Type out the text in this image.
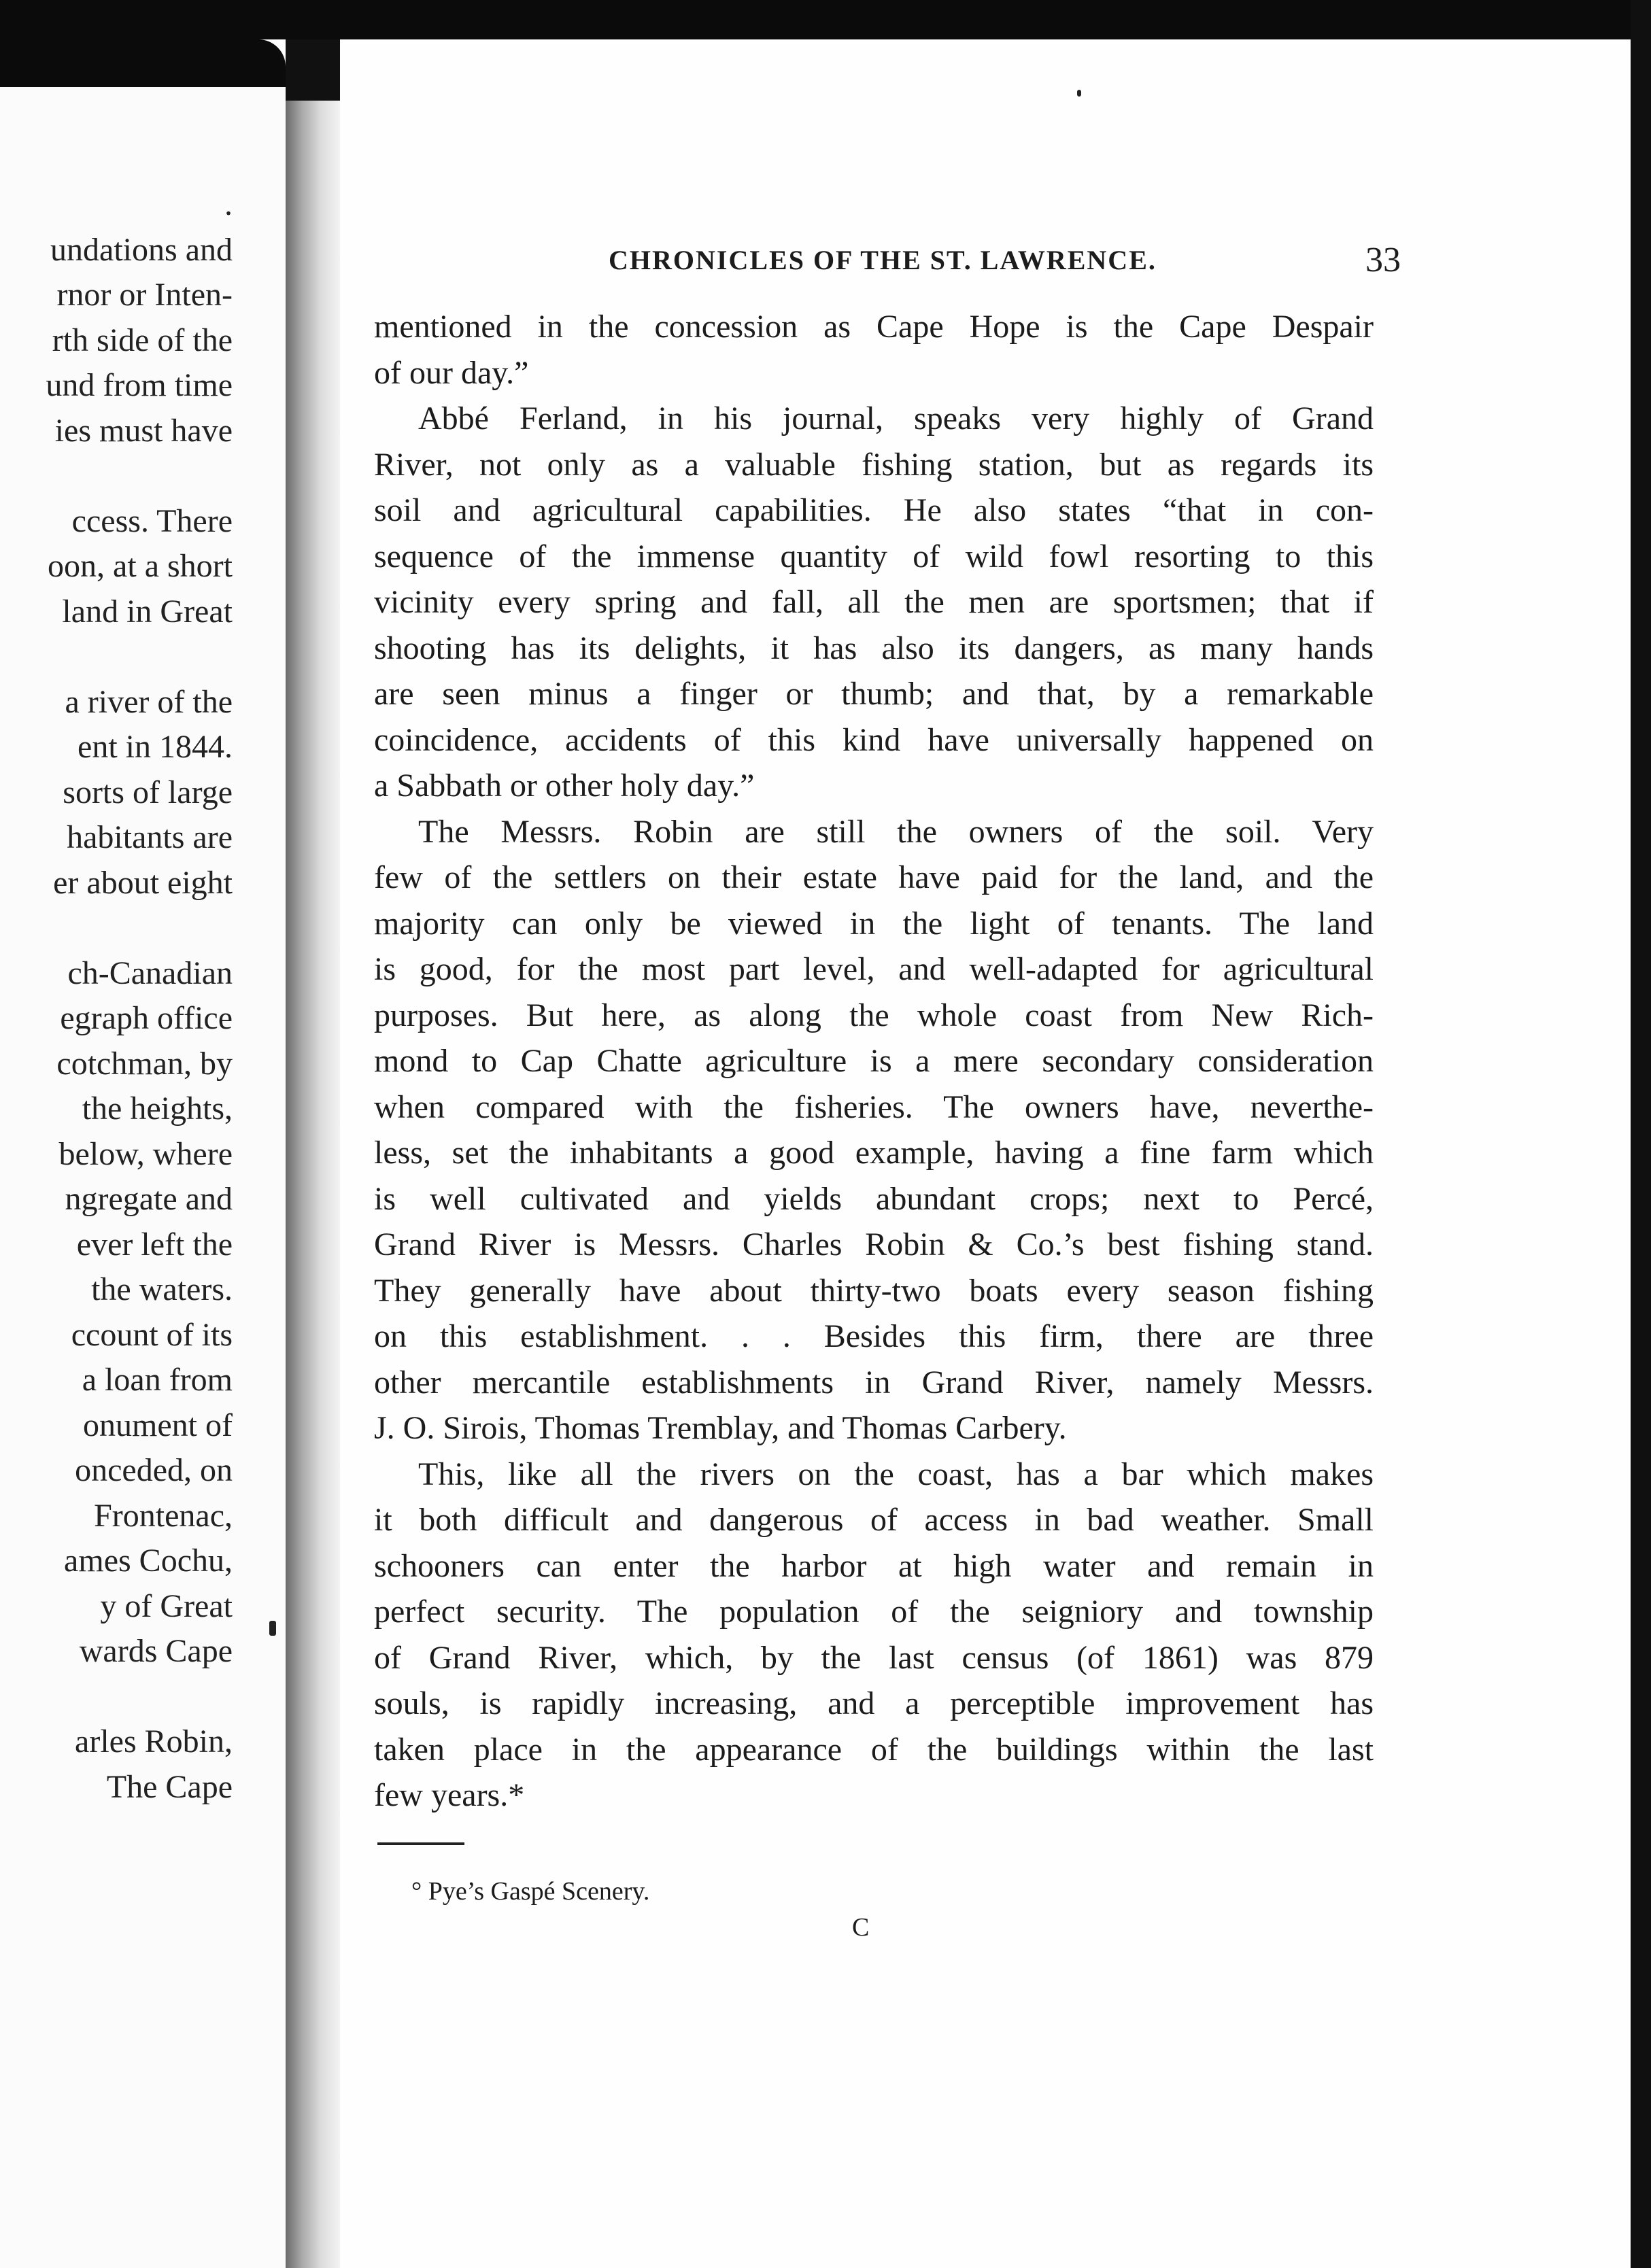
.
undations and
rnor or Inten-
rth side of the
und from time
ies must have
ccess. There
oon, at a short
land in Great
a river of the
ent in 1844.
sorts of large
habitants are
er about eight
ch-Canadian
egraph office
cotchman, by
the heights,
below, where
ngregate and
ever left the
the waters.
ccount of its
a loan from
onument of
onceded, on
Frontenac,
ames Cochu,
y of Great
wards Cape
arles Robin,
The Cape
CHRONICLES OF THE ST. LAWRENCE.	33
mentioned in the concession as Cape Hope is the Cape Despair
of our day.”
Abbé Ferland, in his journal, speaks very highly of Grand
River, not only as a valuable fishing station, but as regards its
soil and agricultural capabilities. He also states “that in con-
sequence of the immense quantity of wild fowl resorting to this
vicinity every spring and fall, all the men are sportsmen; that if
shooting has its delights, it has also its dangers, as many hands
are seen minus a finger or thumb; and that, by a remarkable
coincidence, accidents of this kind have universally happened on
a Sabbath or other holy day.”
The Messrs. Robin are still the owners of the soil. Very
few of the settlers on their estate have paid for the land, and the
majority can only be viewed in the light of tenants. The land
is good, for the most part level, and well-adapted for agricultural
purposes. But here, as along the whole coast from New Rich-
mond to Cap Chatte agriculture is a mere secondary consideration
when compared with the fisheries. The owners have, neverthe-
less, set the inhabitants a good example, having a fine farm which
is well cultivated and yields abundant crops; next to Percé,
Grand River is Messrs. Charles Robin & Co.’s best fishing stand.
They generally have about thirty-two boats every season fishing
on this establishment. . . Besides this firm, there are three
other mercantile establishments in Grand River, namely Messrs.
J. O. Sirois, Thomas Tremblay, and Thomas Carbery.
This, like all the rivers on the coast, has a bar which makes
it both difficult and dangerous of access in bad weather. Small
schooners can enter the harbor at high water and remain in
perfect security. The population of the seigniory and township
of Grand River, which, by the last census (of 1861) was 879
souls, is rapidly increasing, and a perceptible improvement has
taken place in the appearance of the buildings within the last
few years.*
° Pye’s Gaspé Scenery.
C
